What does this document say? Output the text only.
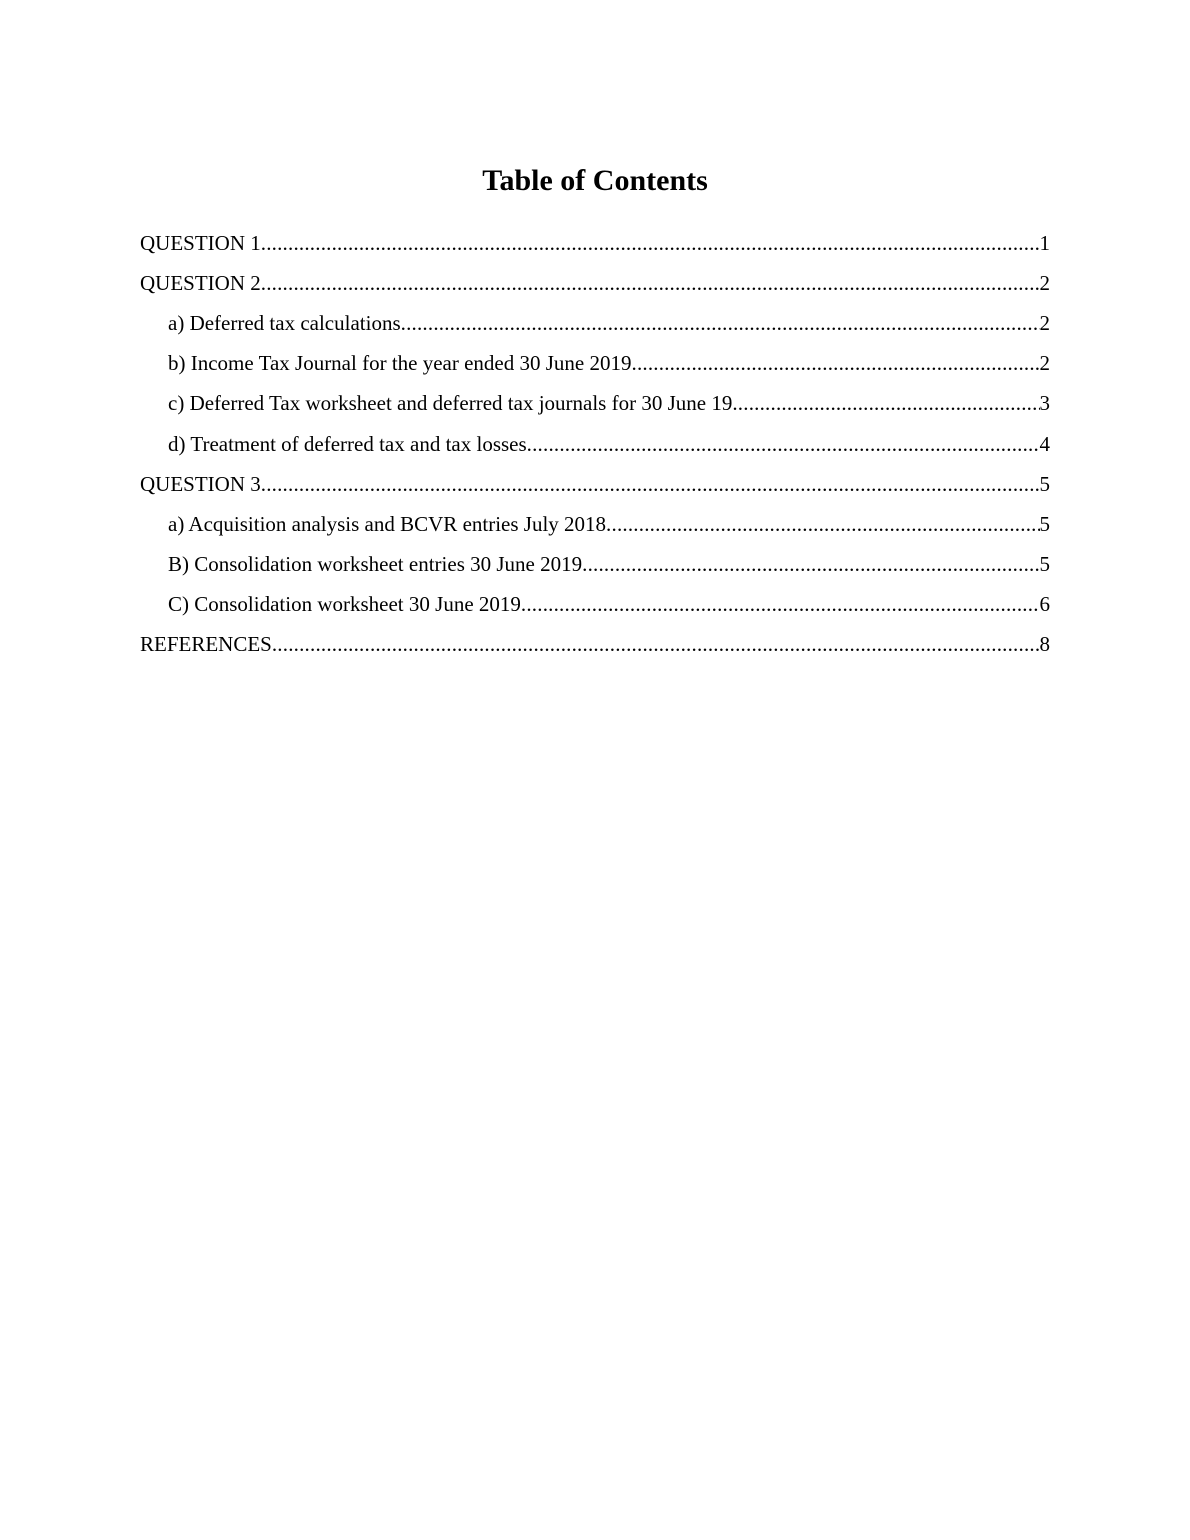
Table of Contents
QUESTION 1 .....	1
QUESTION 2 .....	2
a) Deferred tax calculations .....	2
b) Income Tax Journal for the year ended 30 June 2019 .....	2
c) Deferred Tax worksheet and deferred tax journals for 30 June 19 .....	3
d) Treatment of deferred tax and tax losses .....	4
QUESTION 3 .....	5
a) Acquisition analysis and BCVR entries July 2018 .....	5
B) Consolidation worksheet entries 30 June 2019 .....	5
C) Consolidation worksheet 30 June 2019 .....	6
REFERENCES .....	8
